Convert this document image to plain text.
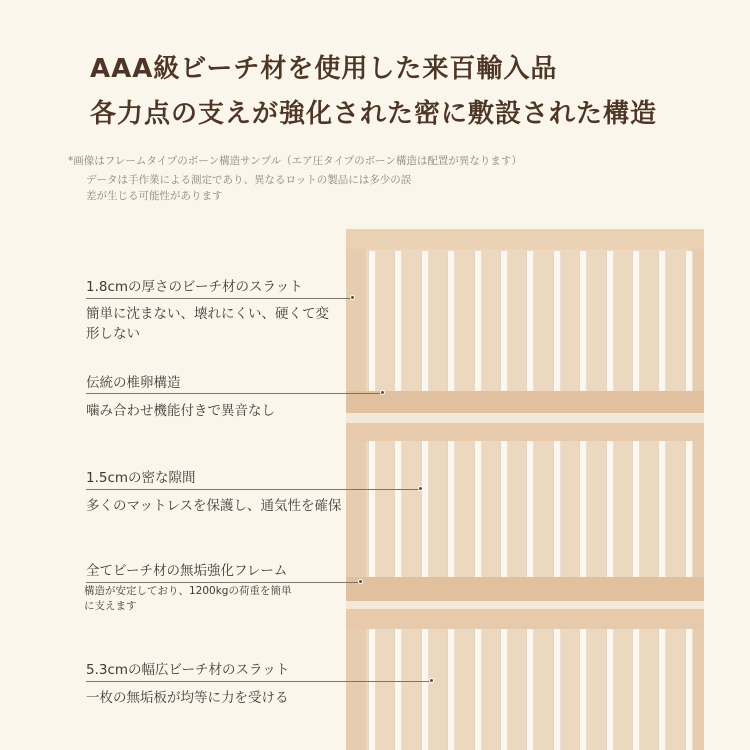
AAA級ビーチ材を使用した来百輸入品
各力点の支えが強化された密に敷設された構造
*画像はフレームタイプのボーン構造サンプル（エア圧タイプのボーン構造は配置が異なります）
データは手作業による測定であり、異なるロットの製品には多少の誤
差が生じる可能性があります
1.8cmの厚さのビーチ材のスラット
簡単に沈まない、壊れにくい、硬くて変
形しない
伝統の椎卵構造
噛み合わせ機能付きで異音なし
1.5cmの密な隙間
多くのマットレスを保護し、通気性を確保
全てビーチ材の無垢強化フレーム
構造が安定しており、1200kgの荷重を簡単
に支えます
5.3cmの幅広ビーチ材のスラット
一枚の無垢板が均等に力を受ける
